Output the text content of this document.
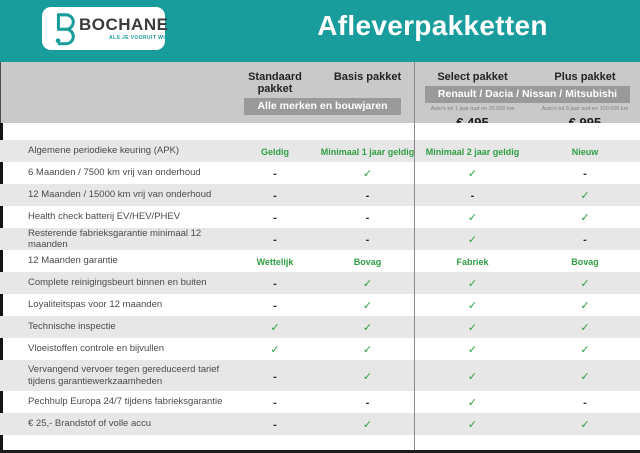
BOCHANE
ALS JE VOORUIT WIL	Afleverpakketten
Standaard pakket
Basis pakket
Alle merken en bouwjaren
Select pakket	Plus pakket
Renault / Dacia / Nissan / Mitsubishi
Auto's tot 1 jaar oud en 20.000 km	Auto's tot 5 jaar oud en 100.000 km
Algemene periodieke keuring (APK)	Geldig	Minimaal 1 jaar geldig	Minimaal 2 jaar geldig	Nieuw
6 Maanden / 7500 km vrij van onderhoud	-	✓	✓	-
12 Maanden / 15000 km vrij van onderhoud	-	-	-	✓
Health check batterij EV/HEV/PHEV	-	-	✓	✓
Resterende fabrieksgarantie minimaal 12 maanden	-	-	✓	-
12 Maanden garantie	Wettelijk	Bovag	Fabriek	Bovag
Complete reinigingsbeurt binnen en buiten	-	✓	✓	✓
Loyaliteitspas voor 12 maanden	-	✓	✓	✓
Technische inspectie	✓	✓	✓	✓
Vloeistoffen controle en bijvullen	✓	✓	✓	✓
Vervangend vervoer tegen gereduceerd tarief tijdens garantiewerkzaamheden	-	✓	✓	✓
Pechhulp Europa 24/7 tijdens fabrieksgarantie	-	-	✓	-
€ 25,- Brandstof of volle accu	-	✓	✓	✓
